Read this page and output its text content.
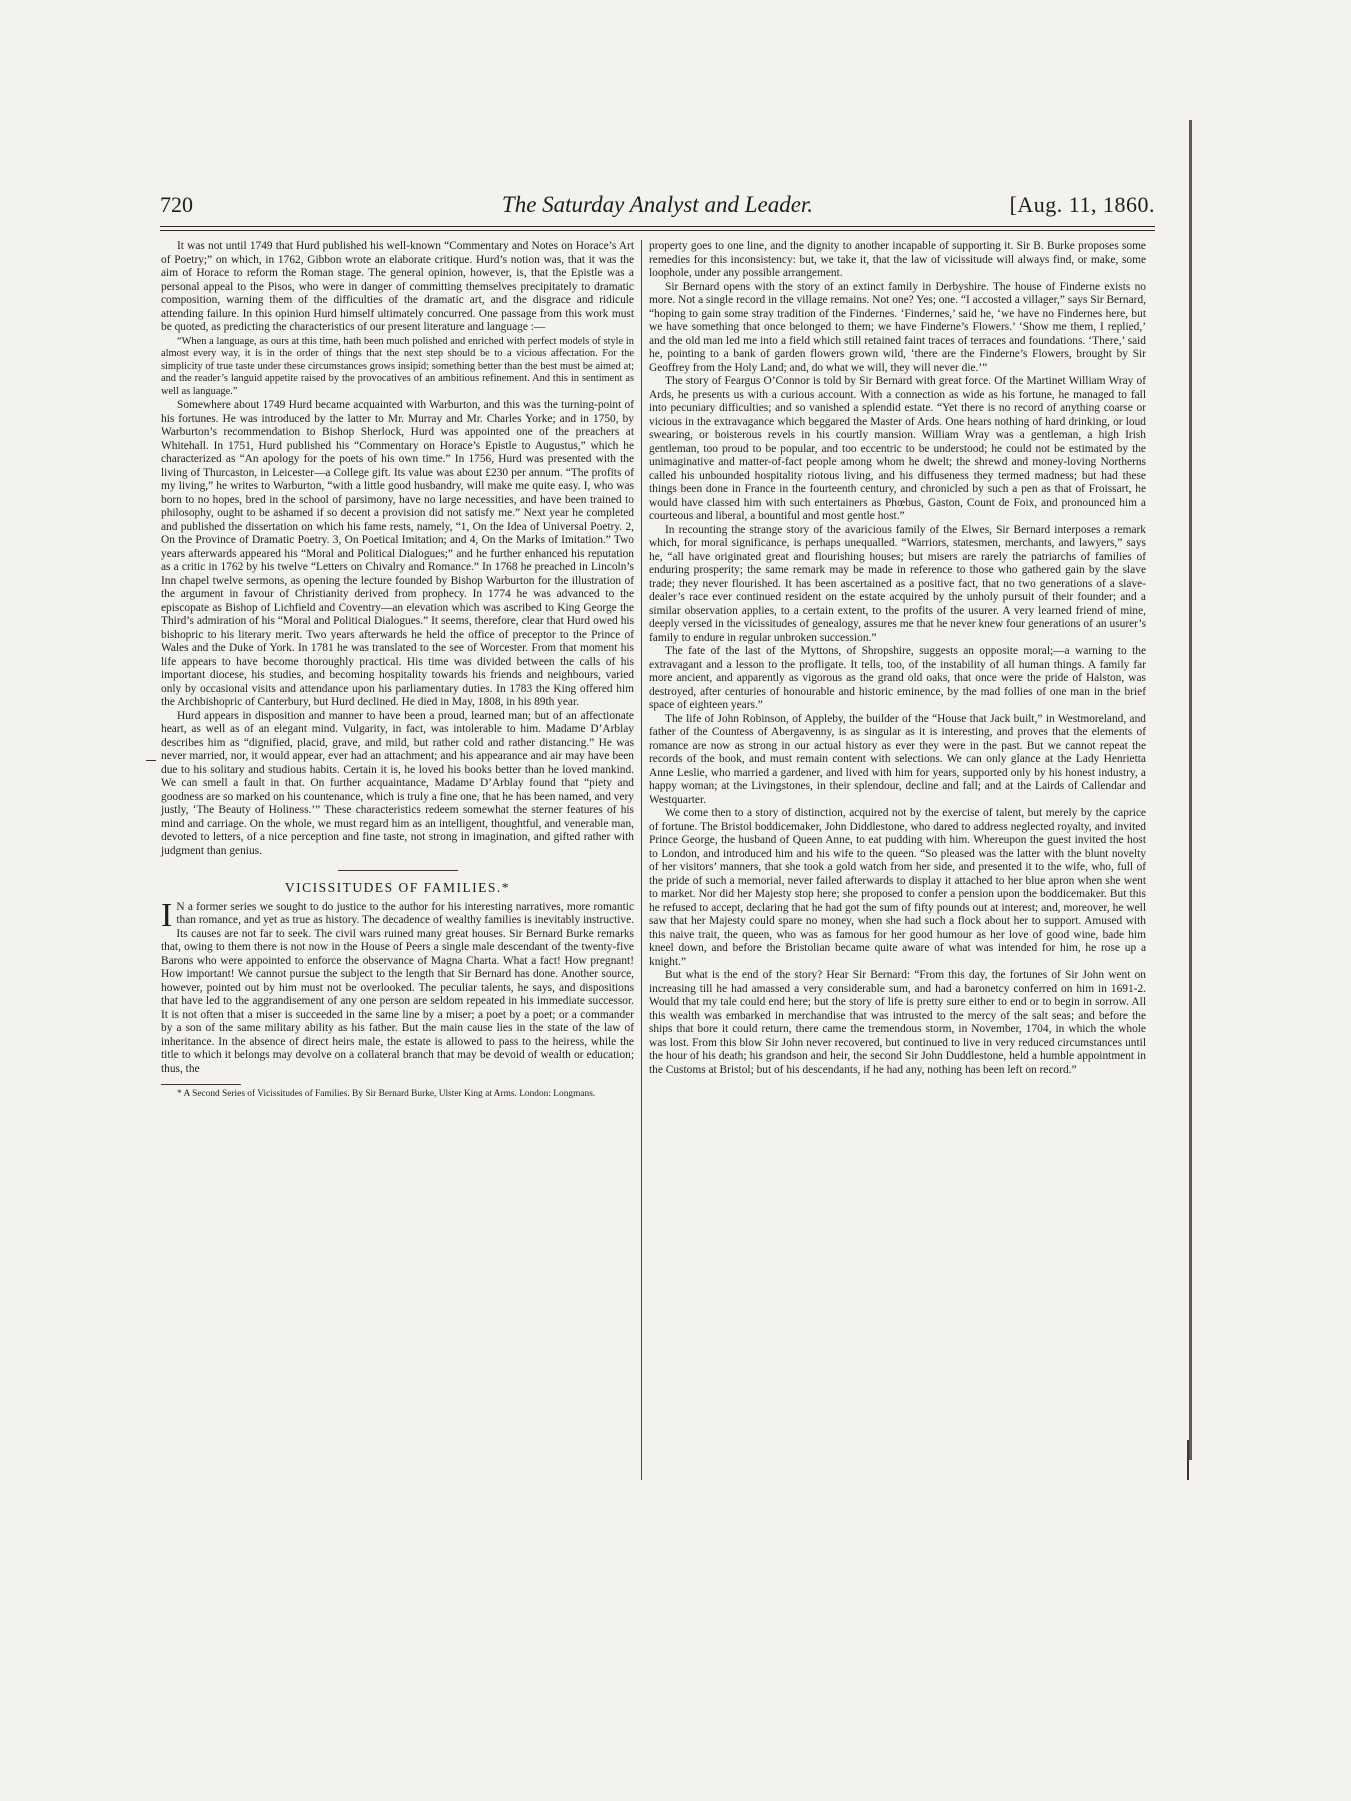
720	The Saturday Analyst and Leader.	[Aug. 11, 1860.

It was not until 1749 that Hurd published his well-known “Commentary and Notes on Horace’s Art of Poetry;” on which, in 1762, Gibbon wrote an elaborate critique. Hurd’s notion was, that it was the aim of Horace to reform the Roman stage. The general opinion, however, is, that the Epistle was a personal appeal to the Pisos, who were in danger of committing themselves precipitately to dramatic composition, warning them of the difficulties of the dramatic art, and the disgrace and ridicule attending failure. In this opinion Hurd himself ultimately concurred. One passage from this work must be quoted, as predicting the characteristics of our present literature and language :—

“When a language, as ours at this time, hath been much polished and enriched with perfect models of style in almost every way, it is in the order of things that the next step should be to a vicious affectation. For the simplicity of true taste under these circumstances grows insipid; something better than the best must be aimed at; and the reader’s languid appetite raised by the provocatives of an ambitious refinement. And this in sentiment as well as language.”

Somewhere about 1749 Hurd became acquainted with Warburton, and this was the turning-point of his fortunes. He was introduced by the latter to Mr. Murray and Mr. Charles Yorke; and in 1750, by Warburton’s recommendation to Bishop Sherlock, Hurd was appointed one of the preachers at Whitehall. In 1751, Hurd published his “Commentary on Horace’s Epistle to Augustus,” which he characterized as “An apology for the poets of his own time.” In 1756, Hurd was presented with the living of Thurcaston, in Leicester—a College gift. Its value was about £230 per annum. “The profits of my living,” he writes to Warburton, “with a little good husbandry, will make me quite easy. I, who was born to no hopes, bred in the school of parsimony, have no large necessities, and have been trained to philosophy, ought to be ashamed if so decent a provision did not satisfy me.” Next year he completed and published the dissertation on which his fame rests, namely, “1, On the Idea of Universal Poetry. 2, On the Province of Dramatic Poetry. 3, On Poetical Imitation; and 4, On the Marks of Imitation.” Two years afterwards appeared his “Moral and Political Dialogues;” and he further enhanced his reputation as a critic in 1762 by his twelve “Letters on Chivalry and Romance.” In 1768 he preached in Lincoln’s Inn chapel twelve sermons, as opening the lecture founded by Bishop Warburton for the illustration of the argument in favour of Christianity derived from prophecy. In 1774 he was advanced to the episcopate as Bishop of Lichfield and Coventry—an elevation which was ascribed to King George the Third’s admiration of his “Moral and Political Dialogues.” It seems, therefore, clear that Hurd owed his bishopric to his literary merit. Two years afterwards he held the office of preceptor to the Prince of Wales and the Duke of York. In 1781 he was translated to the see of Worcester. From that moment his life appears to have become thoroughly practical. His time was divided between the calls of his important diocese, his studies, and becoming hospitality towards his friends and neighbours, varied only by occasional visits and attendance upon his parliamentary duties. In 1783 the King offered him the Archbishopric of Canterbury, but Hurd declined. He died in May, 1808, in his 89th year.

Hurd appears in disposition and manner to have been a proud, learned man; but of an affectionate heart, as well as of an elegant mind. Vulgarity, in fact, was intolerable to him. Madame D’Arblay describes him as “dignified, placid, grave, and mild, but rather cold and rather distancing.” He was never married, nor, it would appear, ever had an attachment; and his appearance and air may have been due to his solitary and studious habits. Certain it is, he loved his books better than he loved mankind. We can smell a fault in that. On further acquaintance, Madame D’Arblay found that “piety and goodness are so marked on his countenance, which is truly a fine one, that he has been named, and very justly, ‘The Beauty of Holiness.’” These characteristics redeem somewhat the sterner features of his mind and carriage. On the whole, we must regard him as an intelligent, thoughtful, and venerable man, devoted to letters, of a nice perception and fine taste, not strong in imagination, and gifted rather with judgment than genius.

VICISSITUDES OF FAMILIES.*

I N a former series we sought to do justice to the author for his interesting narratives, more romantic than romance, and yet as true as history. The decadence of wealthy families is inevitably instructive. Its causes are not far to seek. The civil wars ruined many great houses. Sir Bernard Burke remarks that, owing to them there is not now in the House of Peers a single male descendant of the twenty-five Barons who were appointed to enforce the observance of Magna Charta. What a fact! How pregnant! How important! We cannot pursue the subject to the length that Sir Bernard has done. Another source, however, pointed out by him must not be overlooked. The peculiar talents, he says, and dispositions that have led to the aggrandisement of any one person are seldom repeated in his immediate successor. It is not often that a miser is succeeded in the same line by a miser; a poet by a poet; or a commander by a son of the same military ability as his father. But the main cause lies in the state of the law of inheritance. In the absence of direct heirs male, the estate is allowed to pass to the heiress, while the title to which it belongs may devolve on a collateral branch that may be devoid of wealth or education; thus, the

* A Second Series of Vicissitudes of Families. By Sir Bernard Burke, Ulster King at Arms. London: Longmans.

property goes to one line, and the dignity to another incapable of supporting it. Sir B. Burke proposes some remedies for this inconsistency: but, we take it, that the law of vicissitude will always find, or make, some loophole, under any possible arrangement.

Sir Bernard opens with the story of an extinct family in Derbyshire. The house of Finderne exists no more. Not a single record in the village remains. Not one? Yes; one. “I accosted a villager,” says Sir Bernard, “hoping to gain some stray tradition of the Findernes. ‘Findernes,’ said he, ‘we have no Findernes here, but we have something that once belonged to them; we have Finderne’s Flowers.’ ‘Show me them, I replied,’ and the old man led me into a field which still retained faint traces of terraces and foundations. ‘There,’ said he, pointing to a bank of garden flowers grown wild, ‘there are the Finderne’s Flowers, brought by Sir Geoffrey from the Holy Land; and, do what we will, they will never die.’”

The story of Feargus O’Connor is told by Sir Bernard with great force. Of the Martinet William Wray of Ards, he presents us with a curious account. With a connection as wide as his fortune, he managed to fall into pecuniary difficulties; and so vanished a splendid estate. “Yet there is no record of anything coarse or vicious in the extravagance which beggared the Master of Ards. One hears nothing of hard drinking, or loud swearing, or boisterous revels in his courtly mansion. William Wray was a gentleman, a high Irish gentleman, too proud to be popular, and too eccentric to be understood; he could not be estimated by the unimaginative and matter-of-fact people among whom he dwelt; the shrewd and money-loving Northerns called his unbounded hospitality riotous living, and his diffuseness they termed madness; but had these things been done in France in the fourteenth century, and chronicled by such a pen as that of Froissart, he would have classed him with such entertainers as Phœbus, Gaston, Count de Foix, and pronounced him a courteous and liberal, a bountiful and most gentle host.”

In recounting the strange story of the avaricious family of the Elwes, Sir Bernard interposes a remark which, for moral significance, is perhaps unequalled. “Warriors, statesmen, merchants, and lawyers,” says he, “all have originated great and flourishing houses; but misers are rarely the patriarchs of families of enduring prosperity; the same remark may be made in reference to those who gathered gain by the slave trade; they never flourished. It has been ascertained as a positive fact, that no two generations of a slave-dealer’s race ever continued resident on the estate acquired by the unholy pursuit of their founder; and a similar observation applies, to a certain extent, to the profits of the usurer. A very learned friend of mine, deeply versed in the vicissitudes of genealogy, assures me that he never knew four generations of an usurer’s family to endure in regular unbroken succession.”

The fate of the last of the Myttons, of Shropshire, suggests an opposite moral;—a warning to the extravagant and a lesson to the profligate. It tells, too, of the instability of all human things. A family far more ancient, and apparently as vigorous as the grand old oaks, that once were the pride of Halston, was destroyed, after centuries of honourable and historic eminence, by the mad follies of one man in the brief space of eighteen years.”

The life of John Robinson, of Appleby, the builder of the “House that Jack built,” in Westmoreland, and father of the Countess of Abergavenny, is as singular as it is interesting, and proves that the elements of romance are now as strong in our actual history as ever they were in the past. But we cannot repeat the records of the book, and must remain content with selections. We can only glance at the Lady Henrietta Anne Leslie, who married a gardener, and lived with him for years, supported only by his honest industry, a happy woman; at the Livingstones, in their splendour, decline and fall; and at the Lairds of Callendar and Westquarter.

We come then to a story of distinction, acquired not by the exercise of talent, but merely by the caprice of fortune. The Bristol boddicemaker, John Diddlestone, who dared to address neglected royalty, and invited Prince George, the husband of Queen Anne, to eat pudding with him. Whereupon the guest invited the host to London, and introduced him and his wife to the queen. “So pleased was the latter with the blunt novelty of her visitors’ manners, that she took a gold watch from her side, and presented it to the wife, who, full of the pride of such a memorial, never failed afterwards to display it attached to her blue apron when she went to market. Nor did her Majesty stop here; she proposed to confer a pension upon the boddicemaker. But this he refused to accept, declaring that he had got the sum of fifty pounds out at interest; and, moreover, he well saw that her Majesty could spare no money, when she had such a flock about her to support. Amused with this naive trait, the queen, who was as famous for her good humour as her love of good wine, bade him kneel down, and before the Bristolian became quite aware of what was intended for him, he rose up a knight.”

But what is the end of the story? Hear Sir Bernard: “From this day, the fortunes of Sir John went on increasing till he had amassed a very considerable sum, and had a baronetcy conferred on him in 1691-2. Would that my tale could end here; but the story of life is pretty sure either to end or to begin in sorrow. All this wealth was embarked in merchandise that was intrusted to the mercy of the salt seas; and before the ships that bore it could return, there came the tremendous storm, in November, 1704, in which the whole was lost. From this blow Sir John never recovered, but continued to live in very reduced circumstances until the hour of his death; his grandson and heir, the second Sir John Duddlestone, held a humble appointment in the Customs at Bristol; but of his descendants, if he had any, nothing has been left on record.”
